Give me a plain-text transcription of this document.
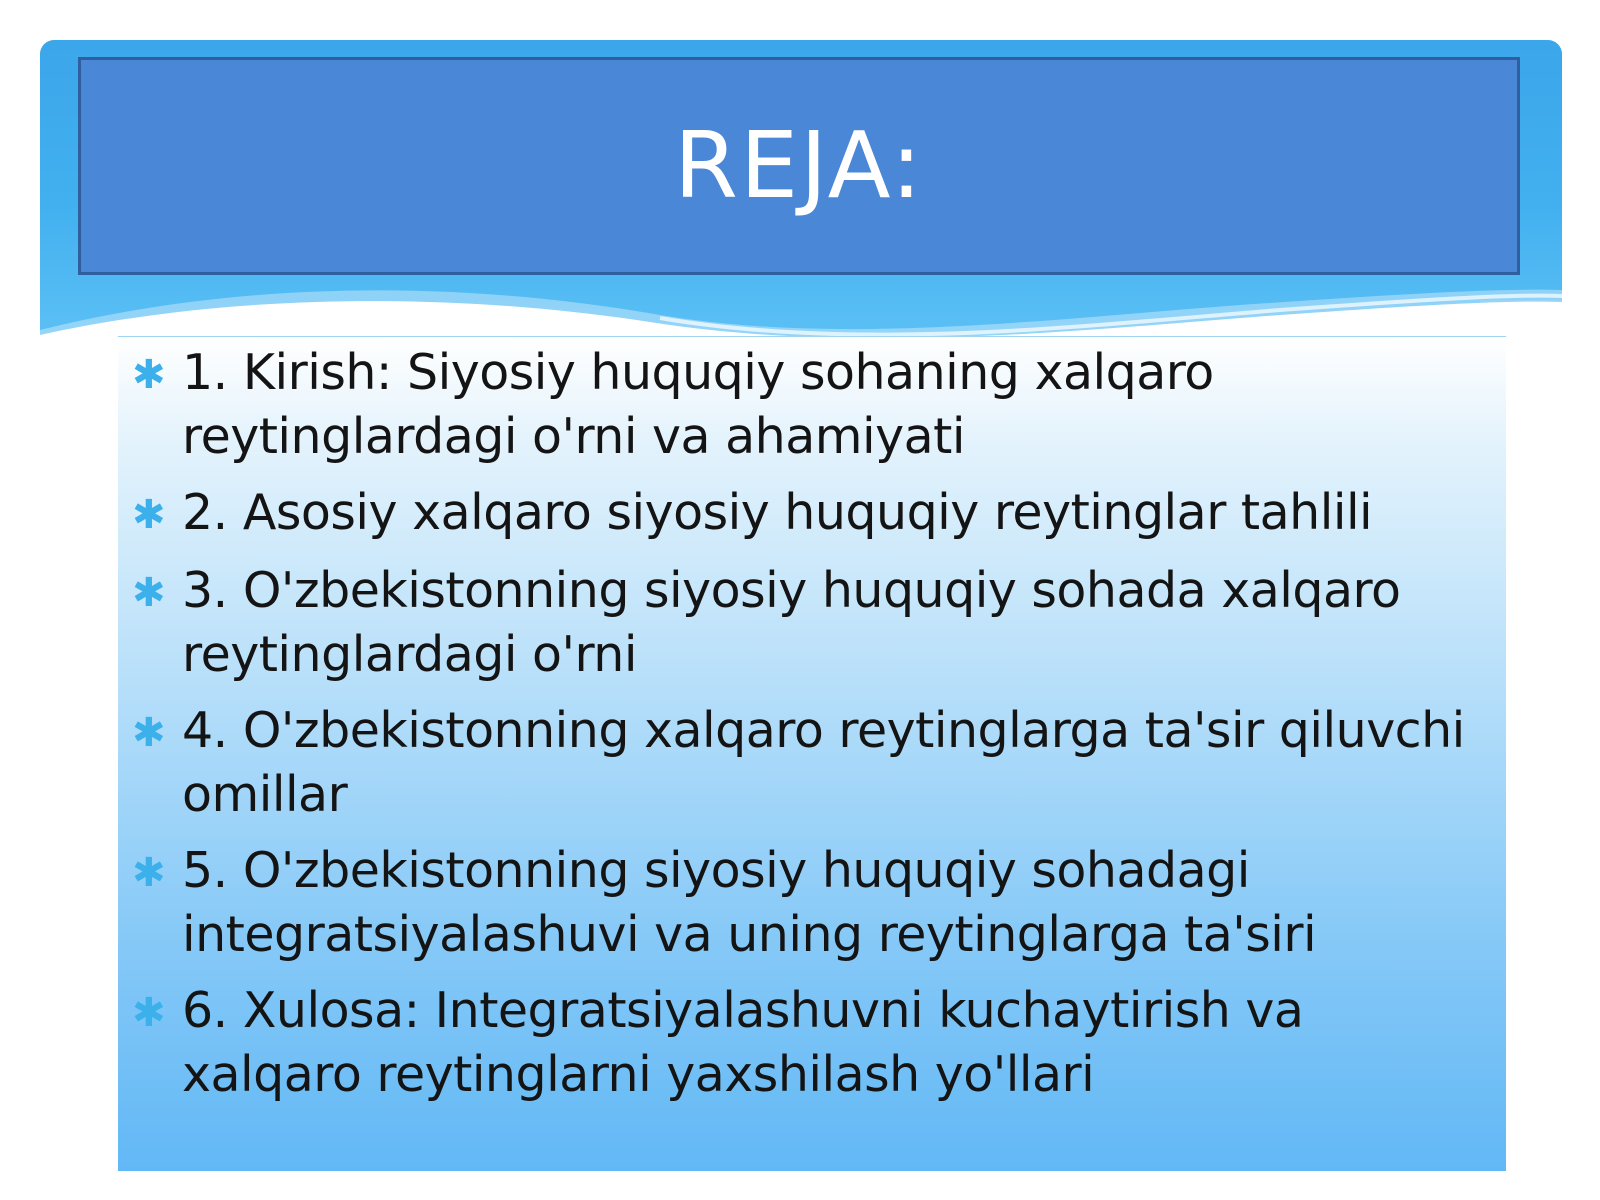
REJA:
✱ 1. Kirish: Siyosiy huquqiy sohaning xalqaro reytinglardagi o'rni va ahamiyati
✱ 2. Asosiy xalqaro siyosiy huquqiy reytinglar tahlili
✱ 3. O'zbekistonning siyosiy huquqiy sohada xalqaro reytinglardagi o'rni
✱ 4. O'zbekistonning xalqaro reytinglarga ta'sir qiluvchi omillar
✱ 5. O'zbekistonning siyosiy huquqiy sohadagi integratsiyalashuvi va uning reytinglarga ta'siri
✱ 6. Xulosa: Integratsiyalashuvni kuchaytirish va xalqaro reytinglarni yaxshilash yo'llari
